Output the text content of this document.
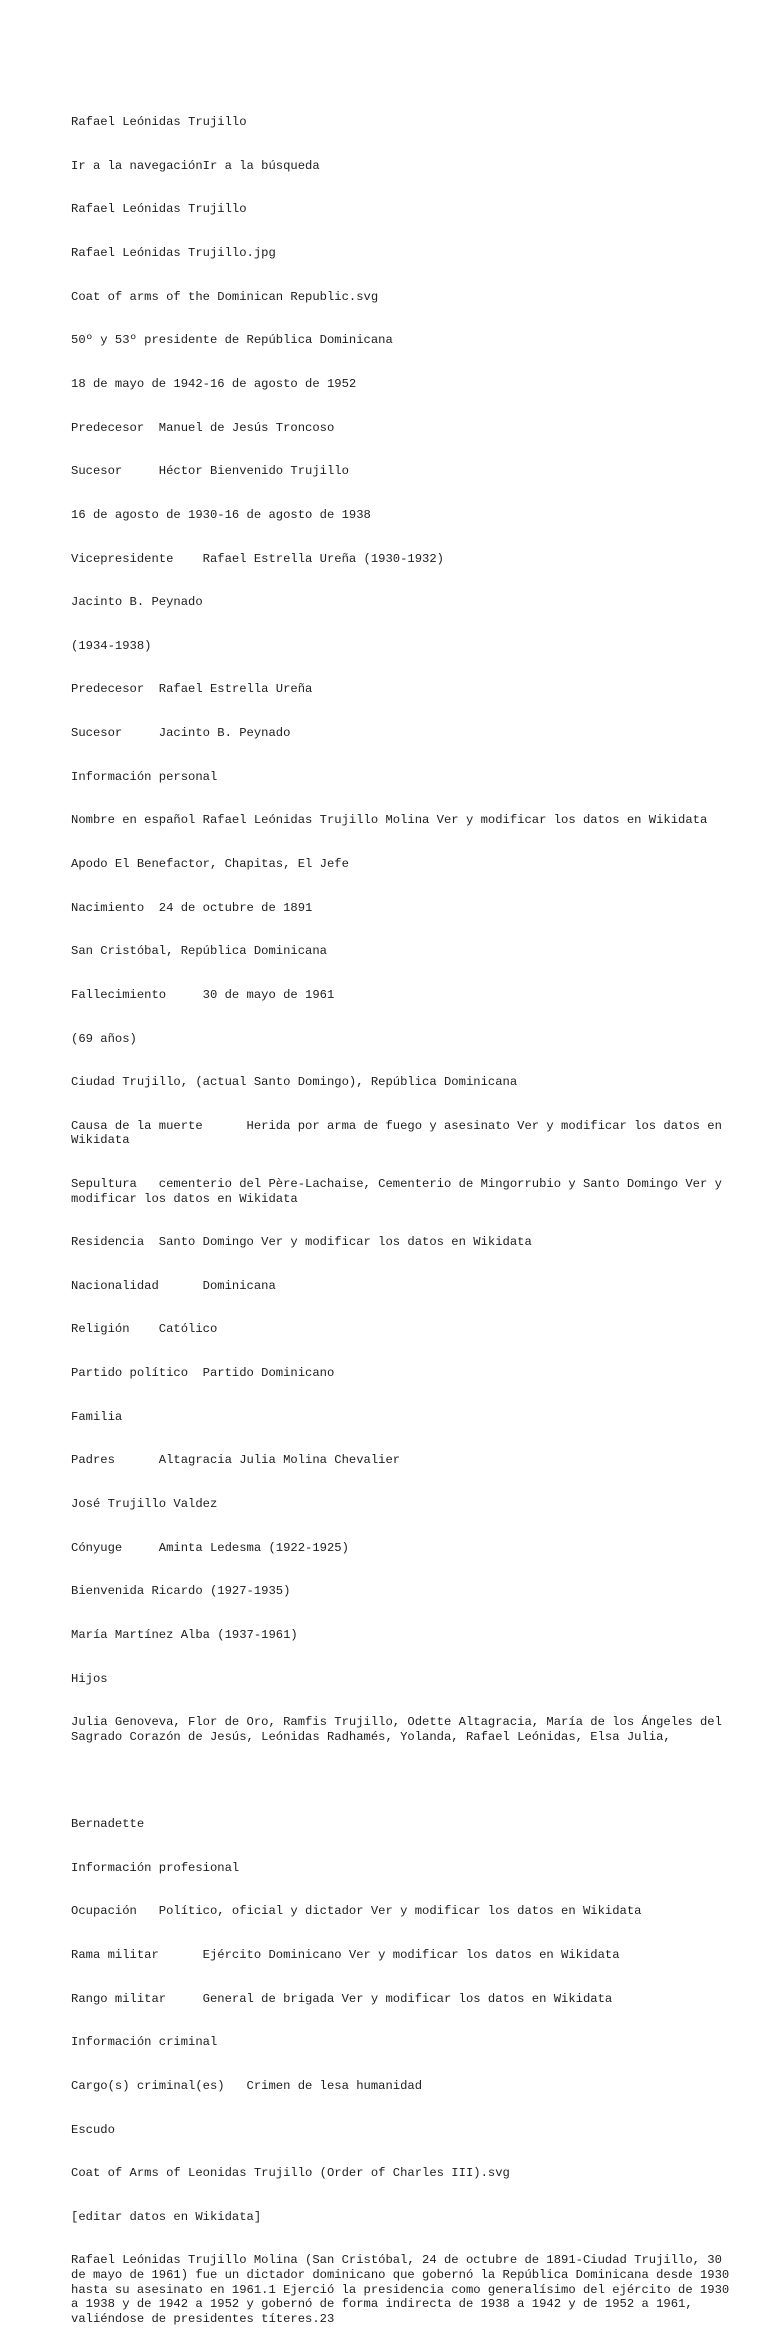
Rafael Leónidas Trujillo

Ir a la navegaciónIr a la búsqueda

Rafael Leónidas Trujillo

Rafael Leónidas Trujillo.jpg

Coat of arms of the Dominican Republic.svg

50º y 53º presidente de República Dominicana

18 de mayo de 1942-16 de agosto de 1952

Predecesor  Manuel de Jesús Troncoso

Sucesor     Héctor Bienvenido Trujillo

16 de agosto de 1930-16 de agosto de 1938

Vicepresidente    Rafael Estrella Ureña (1930-1932)

Jacinto B. Peynado

(1934-1938)

Predecesor  Rafael Estrella Ureña

Sucesor     Jacinto B. Peynado

Información personal

Nombre en español Rafael Leónidas Trujillo Molina Ver y modificar los datos en Wikidata

Apodo El Benefactor, Chapitas, El Jefe

Nacimiento  24 de octubre de 1891

San Cristóbal, República Dominicana

Fallecimiento     30 de mayo de 1961

(69 años)

Ciudad Trujillo, (actual Santo Domingo), República Dominicana

Causa de la muerte      Herida por arma de fuego y asesinato Ver y modificar los datos en Wikidata

Sepultura   cementerio del Père-Lachaise, Cementerio de Mingorrubio y Santo Domingo Ver y modificar los datos en Wikidata

Residencia  Santo Domingo Ver y modificar los datos en Wikidata

Nacionalidad      Dominicana

Religión    Católico

Partido político  Partido Dominicano

Familia

Padres      Altagracia Julia Molina Chevalier

José Trujillo Valdez

Cónyuge     Aminta Ledesma (1922-1925)

Bienvenida Ricardo (1927-1935)

María Martínez Alba (1937-1961)

Hijos

Julia Genoveva, Flor de Oro, Ramfis Trujillo, Odette Altagracia, María de los Ángeles del Sagrado Corazón de Jesús, Leónidas Radhamés, Yolanda, Rafael Leónidas, Elsa Julia,

Bernadette

Información profesional

Ocupación   Político, oficial y dictador Ver y modificar los datos en Wikidata

Rama militar      Ejército Dominicano Ver y modificar los datos en Wikidata

Rango militar     General de brigada Ver y modificar los datos en Wikidata

Información criminal

Cargo(s) criminal(es)   Crimen de lesa humanidad

Escudo

Coat of Arms of Leonidas Trujillo (Order of Charles III).svg

[editar datos en Wikidata]

Rafael Leónidas Trujillo Molina (San Cristóbal, 24 de octubre de 1891-Ciudad Trujillo, 30 de mayo de 1961) fue un dictador dominicano que gobernó la República Dominicana desde 1930 hasta su asesinato en 1961.1 Ejerció la presidencia como generalísimo del ejército de 1930 a 1938 y de 1942 a 1952 y gobernó de forma indirecta de 1938 a 1942 y de 1952 a 1961, valiéndose de presidentes títeres.23
